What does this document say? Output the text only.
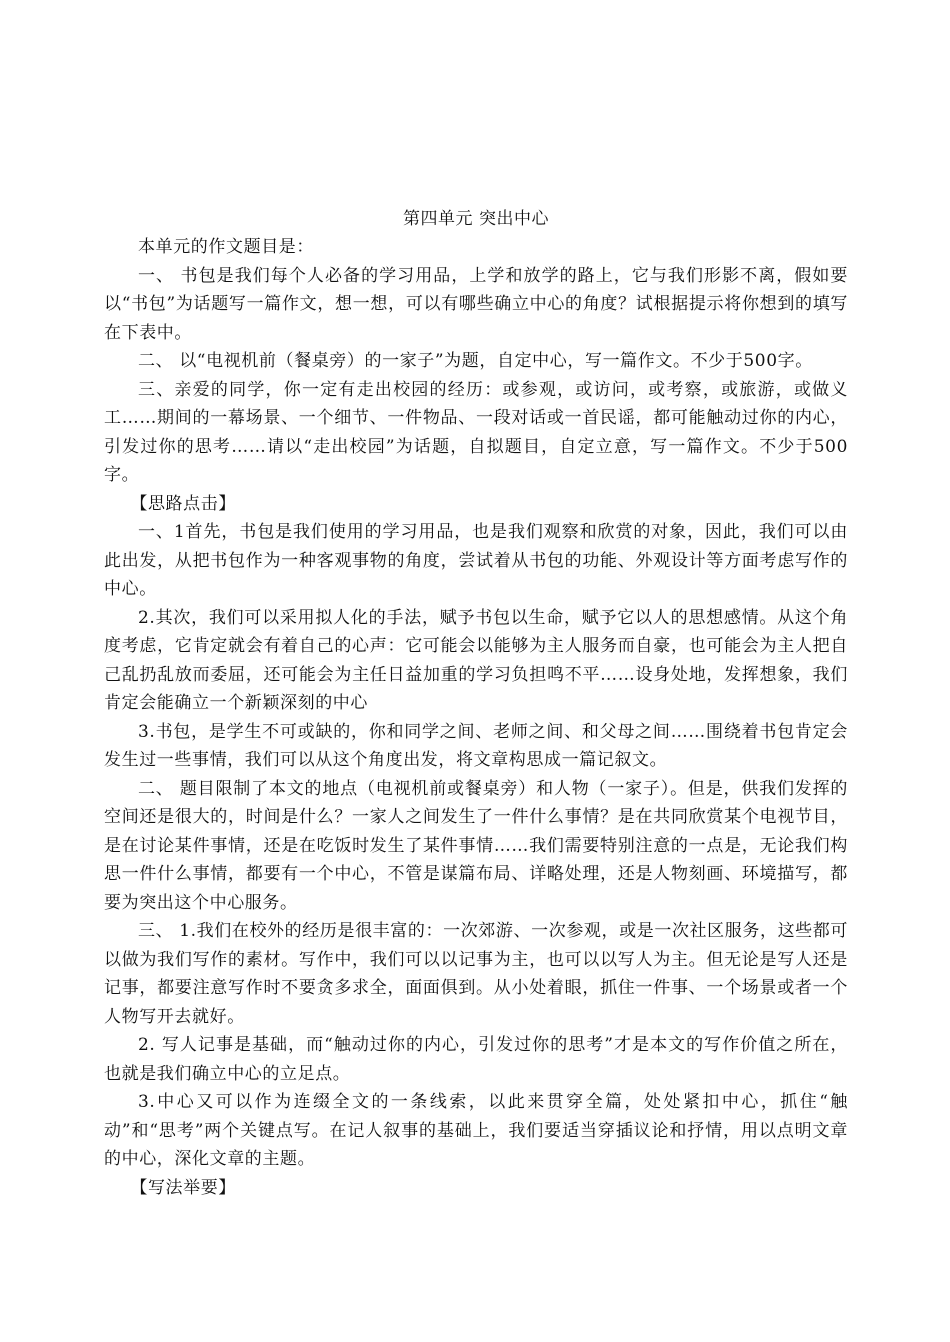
第四单元 突出中心

本单元的作文题目是：

一、 书包是我们每个人必备的学习用品，上学和放学的路上，它与我们形影不离，假如要以“书包”为话题写一篇作文，想一想，可以有哪些确立中心的角度？试根据提示将你想到的填写在下表中。

二、 以“电视机前（餐桌旁）的一家子”为题，自定中心，写一篇作文。不少于500字。

三、亲爱的同学，你一定有走出校园的经历：或参观，或访问，或考察，或旅游，或做义工……期间的一幕场景、一个细节、一件物品、一段对话或一首民谣，都可能触动过你的内心，引发过你的思考……请以“走出校园”为话题，自拟题目，自定立意，写一篇作文。不少于500字。

【思路点击】

一、1首先，书包是我们使用的学习用品，也是我们观察和欣赏的对象，因此，我们可以由此出发，从把书包作为一种客观事物的角度，尝试着从书包的功能、外观设计等方面考虑写作的中心。

2.其次，我们可以采用拟人化的手法，赋予书包以生命，赋予它以人的思想感情。从这个角度考虑，它肯定就会有着自己的心声：它可能会以能够为主人服务而自豪，也可能会为主人把自己乱扔乱放而委屈，还可能会为主任日益加重的学习负担鸣不平……设身处地，发挥想象，我们肯定会能确立一个新颖深刻的中心

3.书包，是学生不可或缺的，你和同学之间、老师之间、和父母之间……围绕着书包肯定会发生过一些事情，我们可以从这个角度出发，将文章构思成一篇记叙文。

二、 题目限制了本文的地点（电视机前或餐桌旁）和人物（一家子）。但是，供我们发挥的空间还是很大的，时间是什么？一家人之间发生了一件什么事情？是在共同欣赏某个电视节目，是在讨论某件事情，还是在吃饭时发生了某件事情……我们需要特别注意的一点是，无论我们构思一件什么事情，都要有一个中心，不管是谋篇布局、详略处理，还是人物刻画、环境描写，都要为突出这个中心服务。

三、 1.我们在校外的经历是很丰富的：一次郊游、一次参观，或是一次社区服务，这些都可以做为我们写作的素材。写作中，我们可以以记事为主，也可以以写人为主。但无论是写人还是记事，都要注意写作时不要贪多求全，面面俱到。从小处着眼，抓住一件事、一个场景或者一个人物写开去就好。

2. 写人记事是基础，而“触动过你的内心，引发过你的思考”才是本文的写作价值之所在，也就是我们确立中心的立足点。

3.中心又可以作为连缀全文的一条线索，以此来贯穿全篇，处处紧扣中心，抓住“触动”和“思考”两个关键点写。在记人叙事的基础上，我们要适当穿插议论和抒情，用以点明文章的中心，深化文章的主题。

【写法举要】
